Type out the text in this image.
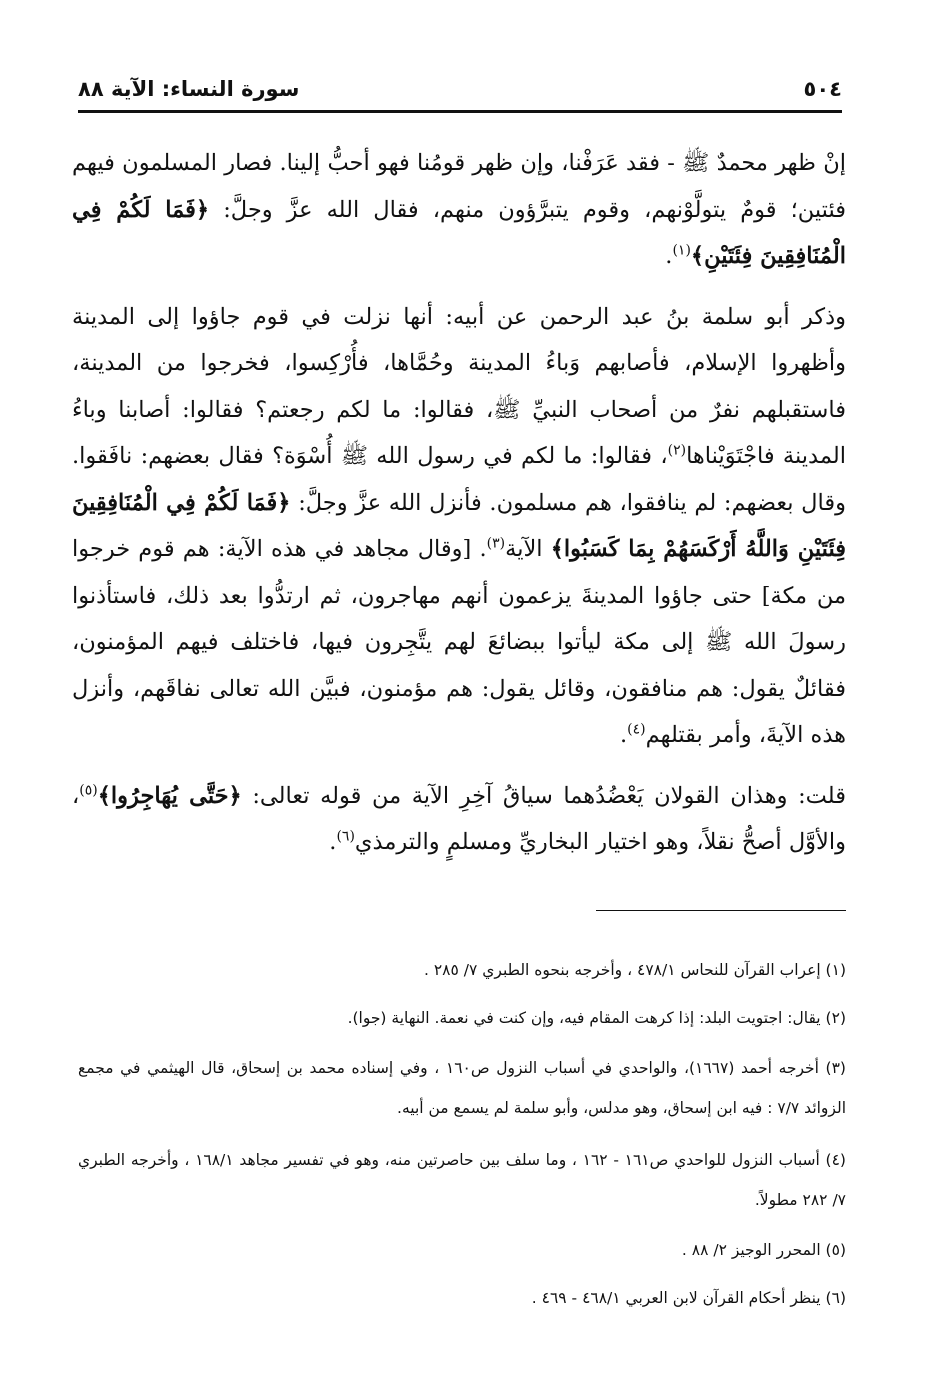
٥٠٤
سورة النساء: الآية ٨٨

إنْ ظهر محمدٌ ﷺ - فقد عَرَفْنا، وإن ظهر قومُنا فهو أحبُّ إلينا. فصار المسلمون فيهم فئتين؛ قومٌ يتولَّوْنهم، وقوم يتبرَّؤون منهم، فقال الله عزَّ وجلَّ: ﴿فَمَا لَكُمْ فِي الْمُنَافِقِينَ فِئَتَيْنِ﴾$^{(١)}$.

وذكر أبو سلمة بنُ عبد الرحمن عن أبيه: أنها نزلت في قوم جاؤوا إلى المدينة وأظهروا الإسلام، فأصابهم وَباءُ المدينة وحُمَّاها، فأُرْكِسوا، فخرجوا من المدينة، فاستقبلهم نفرٌ من أصحاب النبيِّ ﷺ، فقالوا: ما لكم رجعتم؟ فقالوا: أصابنا وباءُ المدينة فاجْتَوَيْناها$^{(٢)}$، فقالوا: ما لكم في رسول الله ﷺ أُسْوَة؟ فقال بعضهم: نافَقوا. وقال بعضهم: لم ينافقوا، هم مسلمون. فأنزل الله عزَّ وجلَّ: ﴿فَمَا لَكُمْ فِي الْمُنَافِقِينَ فِئَتَيْنِ وَاللَّهُ أَرْكَسَهُمْ بِمَا كَسَبُوا﴾ الآية$^{(٣)}$. [وقال مجاهد في هذه الآية: هم قوم خرجوا من مكة] حتى جاؤوا المدينةَ يزعمون أنهم مهاجرون، ثم ارتدُّوا بعد ذلك، فاستأذنوا رسولَ الله ﷺ إلى مكة ليأتوا ببضائعَ لهم يتَّجِرون فيها، فاختلف فيهم المؤمنون، فقائلٌ يقول: هم منافقون، وقائل يقول: هم مؤمنون، فبيَّن الله تعالى نفاقَهم، وأنزل هذه الآيةَ، وأمر بقتلهم$^{(٤)}$.

قلت: وهذان القولان يَعْضُدُهما سياقُ آخِرِ الآية من قوله تعالى: ﴿حَتَّى يُهَاجِرُوا﴾$^{(٥)}$، والأوَّل أصحُّ نقلاً، وهو اختيار البخاريِّ ومسلمٍ والترمذي$^{(٦)}$.

(١) إعراب القرآن للنحاس ٤٧٨/١ ، وأخرجه بنحوه الطبري ٧/ ٢٨٥ .

(٢) يقال: اجتويت البلد: إذا كرهت المقام فيه، وإن كنت في نعمة. النهاية (جوا).

(٣) أخرجه أحمد (١٦٦٧)، والواحدي في أسباب النزول ص١٦٠ ، وفي إسناده محمد بن إسحاق، قال الهيثمي في مجمع الزوائد ٧/٧ : فيه ابن إسحاق، وهو مدلس، وأبو سلمة لم يسمع من أبيه.

(٤) أسباب النزول للواحدي ص١٦١ - ١٦٢ ، وما سلف بين حاصرتين منه، وهو في تفسير مجاهد ١٦٨/١ ، وأخرجه الطبري ٧/ ٢٨٢ مطولاً.

(٥) المحرر الوجيز ٢/ ٨٨ .

(٦) ينظر أحكام القرآن لابن العربي ٤٦٨/١ - ٤٦٩ .
